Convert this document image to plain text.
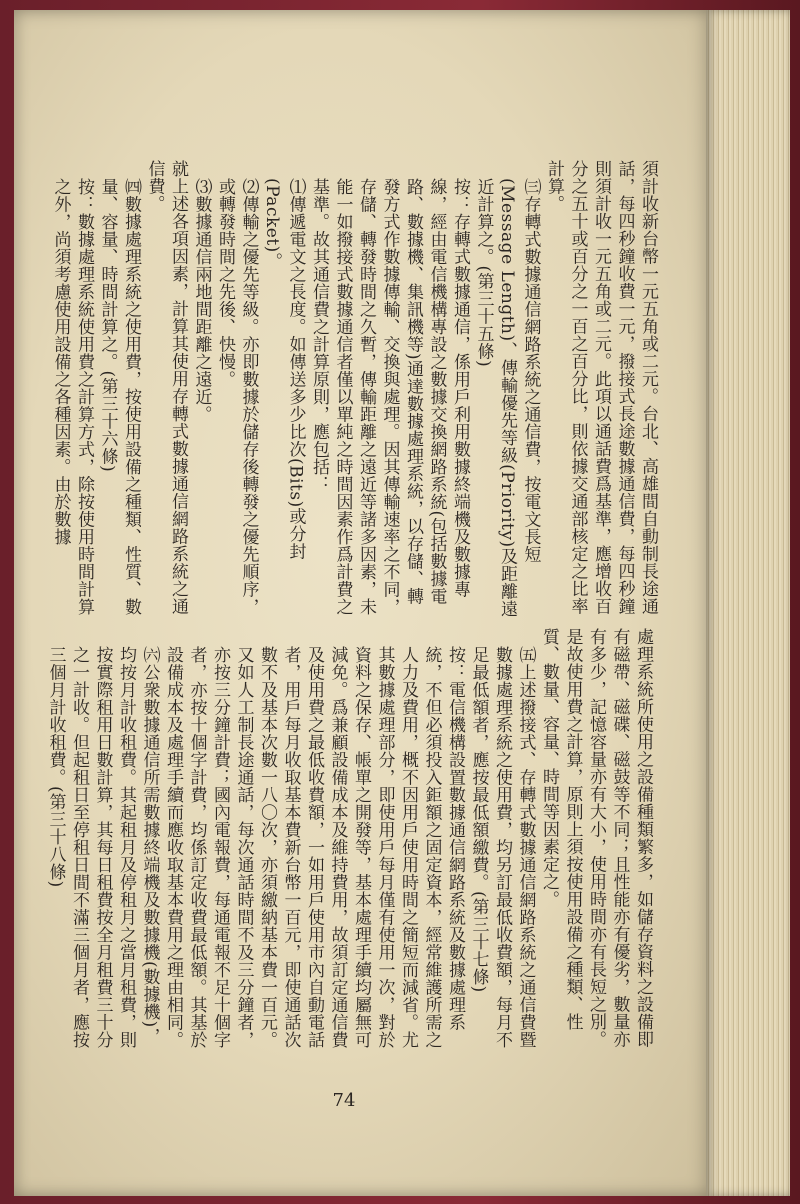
須計收新台幣一元五角或二元。台北、高雄間自動制長途通話，每四秒鐘收費一元，撥接式長途數據通信費，每四秒鐘則須計收一元五角或二元。此項以通話費爲基準，應增收百分之五十或百分之一百之百分比，則依據交通部核定之比率計算。
㈢存轉式數據通信網路系統之通信費，按電文長短(Message Length)、傳輸優先等級(Priority)及距離遠近計算之。(第三十五條)
按：存轉式數據通信，係用戶利用數據終端機及數據專線，經由電信機構專設之數據交換網路系統(包括數據電路、數據機、集訊機等)通達數據處理系統，以存儲、轉發方式作數據傳輸、交換與處理。因其傳輸速率之不同，存儲、轉發時間之久暫，傳輸距離之遠近等諸多因素，未能一如撥接式數據通信者僅以單純之時間因素作爲計費之基準。故其通信費之計算原則，應包括：
⑴傳遞電文之長度。如傳送多少比次(Bits)或分封(Packet)。
⑵傳輸之優先等級。亦即數據於儲存後轉發之優先順序，或轉發時間之先後、快慢。
⑶數據通信兩地間距離之遠近。
就上述各項因素，計算其使用存轉式數據通信網路系統之通信費。
㈣數據處理系統之使用費，按使用設備之種類、性質、數量、容量、時間計算之。(第三十六條)
按：數據處理系統使用費之計算方式，除按使用時間計算之外，尚須考慮使用設備之各種因素。由於數據
處理系統所使用之設備種類繁多，如儲存資料之設備即有磁帶、磁碟、磁鼓等不同；且性能亦有優劣，數量亦有多少，記憶容量亦有大小，使用時間亦有長短之別。是故使用費之計算，原則上須按使用設備之種類、性質、數量、容量、時間等因素定之。
㈤上述撥接式、存轉式數據通信網路系統之通信費暨數據處理系統之使用費，均另訂最低收費額，每月不足最低額者，應按最低額繳費。(第三十七條)
按：電信機構設置數據通信網路系統及數據處理系統，不但必須投入鉅額之固定資本，經常維護所需之人力及費用，概不因用戶使用時間之簡短而減省。尤其數據處理部分，即使用戶每月僅有使用一次，對於資料之保存、帳單之開發等，基本處理手續均屬無可減免。爲兼顧設備成本及維持費用，故須訂定通信費及使用費之最低收費額，一如用戶使用市內自動電話者，用戶每月收取基本費新台幣一百元，即使通話次數不及基本次數一八〇次，亦須繳納基本費一百元。又如人工制長途通話，每次通話時間不及三分鐘者，亦按三分鐘計費；國內電報費，每通電報不足十個字者，亦按十個字計費，均係訂定收費最低額。其基於設備成本及處理手續而應收取基本費用之理由相同。
㈥公衆數據通信所需數據終端機及數據機(數據機)，均按月計收租費。其起租月及停租月之當月租費，則按實際租用日數計算，其每日租費按全月租費三十分之一計收。但起租日至停租日間不滿三個月者，應按三個月計收租費。(第三十八條)
74
